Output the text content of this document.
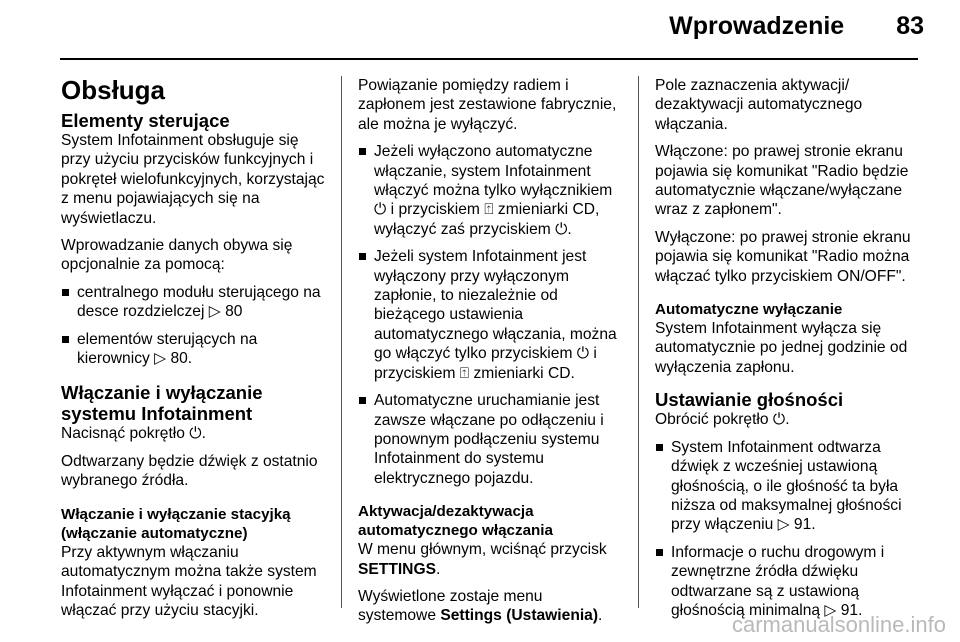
Wprowadzenie 83
Obsługa
Elementy sterujące

System Infotainment obsługuje się przy użyciu przycisków funkcyjnych i pokręteł wielofunkcyjnych, korzystając z menu pojawiających się na wyświetlaczu.

Wprowadzanie danych obywa się opcjonalnie za pomocą:

centralnego modułu sterującego na desce rozdzielczej ▷ 80
elementów sterujących na kierownicy ▷ 80.
Włączanie i wyłączanie systemu Infotainment

Nacisnąć pokrętło ⏻.

Odtwarzany będzie dźwięk z ostatnio wybranego źródła.

Włączanie i wyłączanie stacyjką (włączanie automatyczne)

Przy aktywnym włączaniu automatycznym można także system Infotainment wyłączać i ponownie włączać przy użyciu stacyjki.

Powiązanie pomiędzy radiem i zapłonem jest zestawione fabrycznie, ale można je wyłączyć.

Jeżeli wyłączono automatyczne włączanie, system Infotainment włączyć można tylko wyłącznikiem ⏻ i przyciskiem ⍐ zmieniarki CD, wyłączyć zaś przyciskiem ⏻.
Jeżeli system Infotainment jest wyłączony przy wyłączonym zapłonie, to niezależnie od bieżącego ustawienia automatycznego włączania, można go włączyć tylko przyciskiem ⏻ i przyciskiem ⍐ zmieniarki CD.
Automatyczne uruchamianie jest zawsze włączane po odłączeniu i ponownym podłączeniu systemu Infotainment do systemu elektrycznego pojazdu.
Aktywacja/dezaktywacja automatycznego włączania

W menu głównym, wciśnąć przycisk SETTINGS.

Wyświetlone zostaje menu systemowe Settings (Ustawienia).

Pole zaznaczenia aktywacji/ dezaktywacji automatycznego włączania.

Włączone: po prawej stronie ekranu pojawia się komunikat "Radio będzie automatycznie włączane/wyłączane wraz z zapłonem".

Wyłączone: po prawej stronie ekranu pojawia się komunikat "Radio można włączać tylko przyciskiem ON/OFF".

Automatyczne wyłączanie

System Infotainment wyłącza się automatycznie po jednej godzinie od wyłączenia zapłonu.

Ustawianie głośności

Obrócić pokrętło ⏻.

System Infotainment odtwarza dźwięk z wcześniej ustawioną głośnością, o ile głośność ta była niższa od maksymalnej głośności przy włączeniu ▷ 91.
Informacje o ruchu drogowym i zewnętrzne źródła dźwięku odtwarzane są z ustawioną głośnością minimalną ▷ 91.
carmanualsonline.info
